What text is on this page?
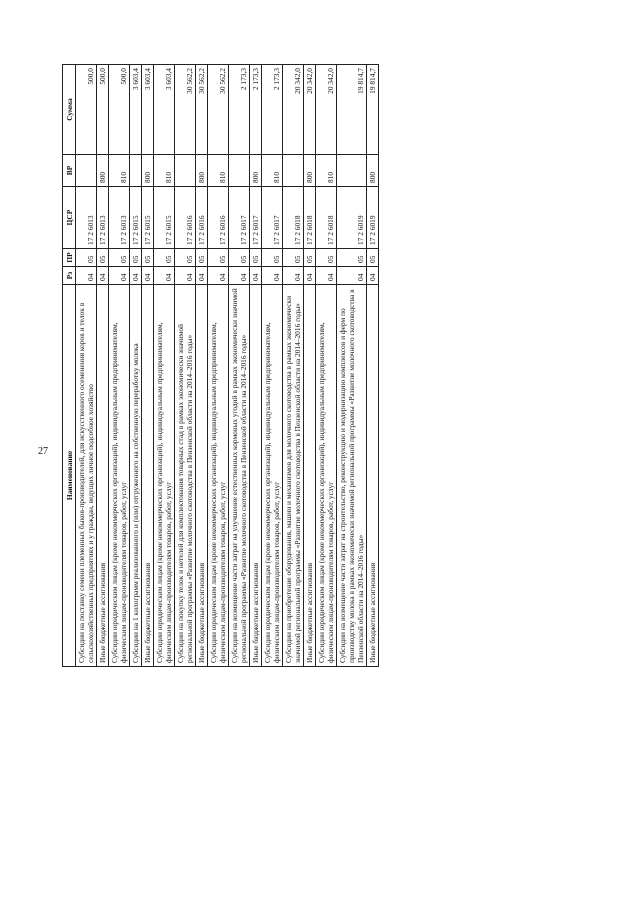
27 Наименование	Рз	ПР	ЦСР	ВР	Сумма
Субсидии на поставку семени племенных быков-производителей, для искусственного осеменения коров и телок в сельскохозяйственных предприятиях и у граждан, ведущих личное подсобное хозяйство	04	05	17 2 6013		500,0
Иные бюджетные ассигнования	04	05	17 2 6013	800	500,0
Субсидии юридическим лицам (кроме некоммерческих организаций), индивидуальным предпринимателям, физическим лицам-производителям товаров, работ, услуг	04	05	17 2 6013	810	500,0
Субсидии на 1 килограмм реализованного и (или) отгруженного на собственную переработку молока	04	05	17 2 6015		3 603,4
Иные бюджетные ассигнования	04	05	17 2 6015	800	3 603,4
Субсидии юридическим лицам (кроме некоммерческих организаций), индивидуальным предпринимателям, физическим лицам-производителям товаров, работ, услуг	04	05	17 2 6015	810	3 603,4
Субсидии на покупку телок и нетелей для комплектования товарных стад в рамках экономически значимой региональной программы «Развитие молочного скотоводства в Пензенской области на 2014–2016 годы»	04	05	17 2 6016		30 562,2
Иные бюджетные ассигнования	04	05	17 2 6016	800	30 562,2
Субсидии юридическим лицам (кроме некоммерческих организаций), индивидуальным предпринимателям, физическим лицам-производителям товаров, работ, услуг	04	05	17 2 6016	810	30 562,2
Субсидии на возмещение части затрат на улучшение естественных кормовых угодий в рамках экономически значимой региональной программы «Развитие молочного скотоводства в Пензенской области на 2014–2016 годы»	04	05	17 2 6017		2 173,3
Иные бюджетные ассигнования	04	05	17 2 6017	800	2 173,3
Субсидии юридическим лицам (кроме некоммерческих организаций), индивидуальным предпринимателям, физическим лицам-производителям товаров, работ, услуг	04	05	17 2 6017	810	2 173,3
Субсидии на приобретение оборудования, машин и механизмов для молочного скотоводства в рамках экономически значимой региональной программы «Развитие молочного скотоводства в Пензенской области на 2014–2016 годы»	04	05	17 2 6018		20 342,0
Иные бюджетные ассигнования	04	05	17 2 6018	800	20 342,0
Субсидии юридическим лицам (кроме некоммерческих организаций), индивидуальным предпринимателям, физическим лицам-производителям товаров, работ, услуг	04	05	17 2 6018	810	20 342,0
Субсидии на возмещение части затрат на строительство, реконструкцию и модернизацию комплексов и ферм по производству молока в рамках экономически значимой региональной программы «Развитие молочного скотоводства в Пензенской области на 2014–2016 годы»	04	05	17 2 6019		19 814,7
Иные бюджетные ассигнования	04	05	17 2 6019	800	19 814,7
